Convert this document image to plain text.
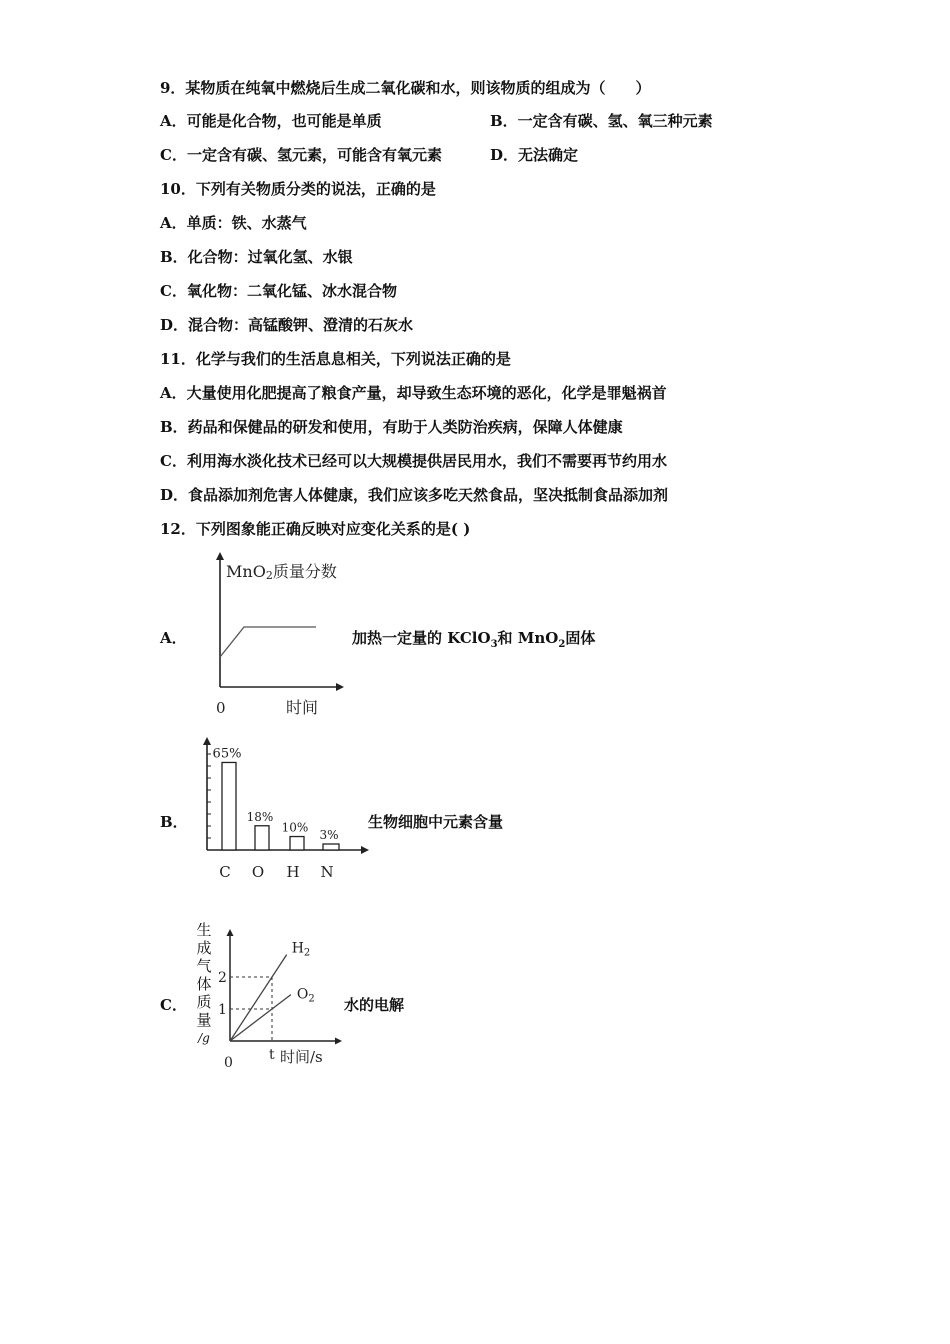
9．某物质在纯氧中燃烧后生成二氧化碳和水，则该物质的组成为（　　）
A．可能是化合物，也可能是单质	B．一定含有碳、氢、氧三种元素
C．一定含有碳、氢元素，可能含有氧元素	D．无法确定
10．下列有关物质分类的说法，正确的是
A．单质：铁、水蒸气
B．化合物：过氧化氢、水银
C．氧化物：二氧化锰、冰水混合物
D．混合物：高锰酸钾、澄清的石灰水
11．化学与我们的生活息息相关，下列说法正确的是
A．大量使用化肥提高了粮食产量，却导致生态环境的恶化，化学是罪魁祸首
B．药品和保健品的研发和使用，有助于人类防治疾病，保障人体健康
C．利用海水淡化技术已经可以大规模提供居民用水，我们不需要再节约用水
D．食品添加剂危害人体健康，我们应该多吃天然食品，坚决抵制食品添加剂
12．下列图象能正确反映对应变化关系的是( )
A．	加热一定量的 KClO$_3$和 MnO$_2$固体
MnO2质量分数
0	时间
B．	生物细胞中元素含量
65%
C
18%
O
10%
H
3%
N
C．	水的电解
生
成
气
体
质
量
/g
1
2
t
$H_2$
$O_2$
0	时间/s
